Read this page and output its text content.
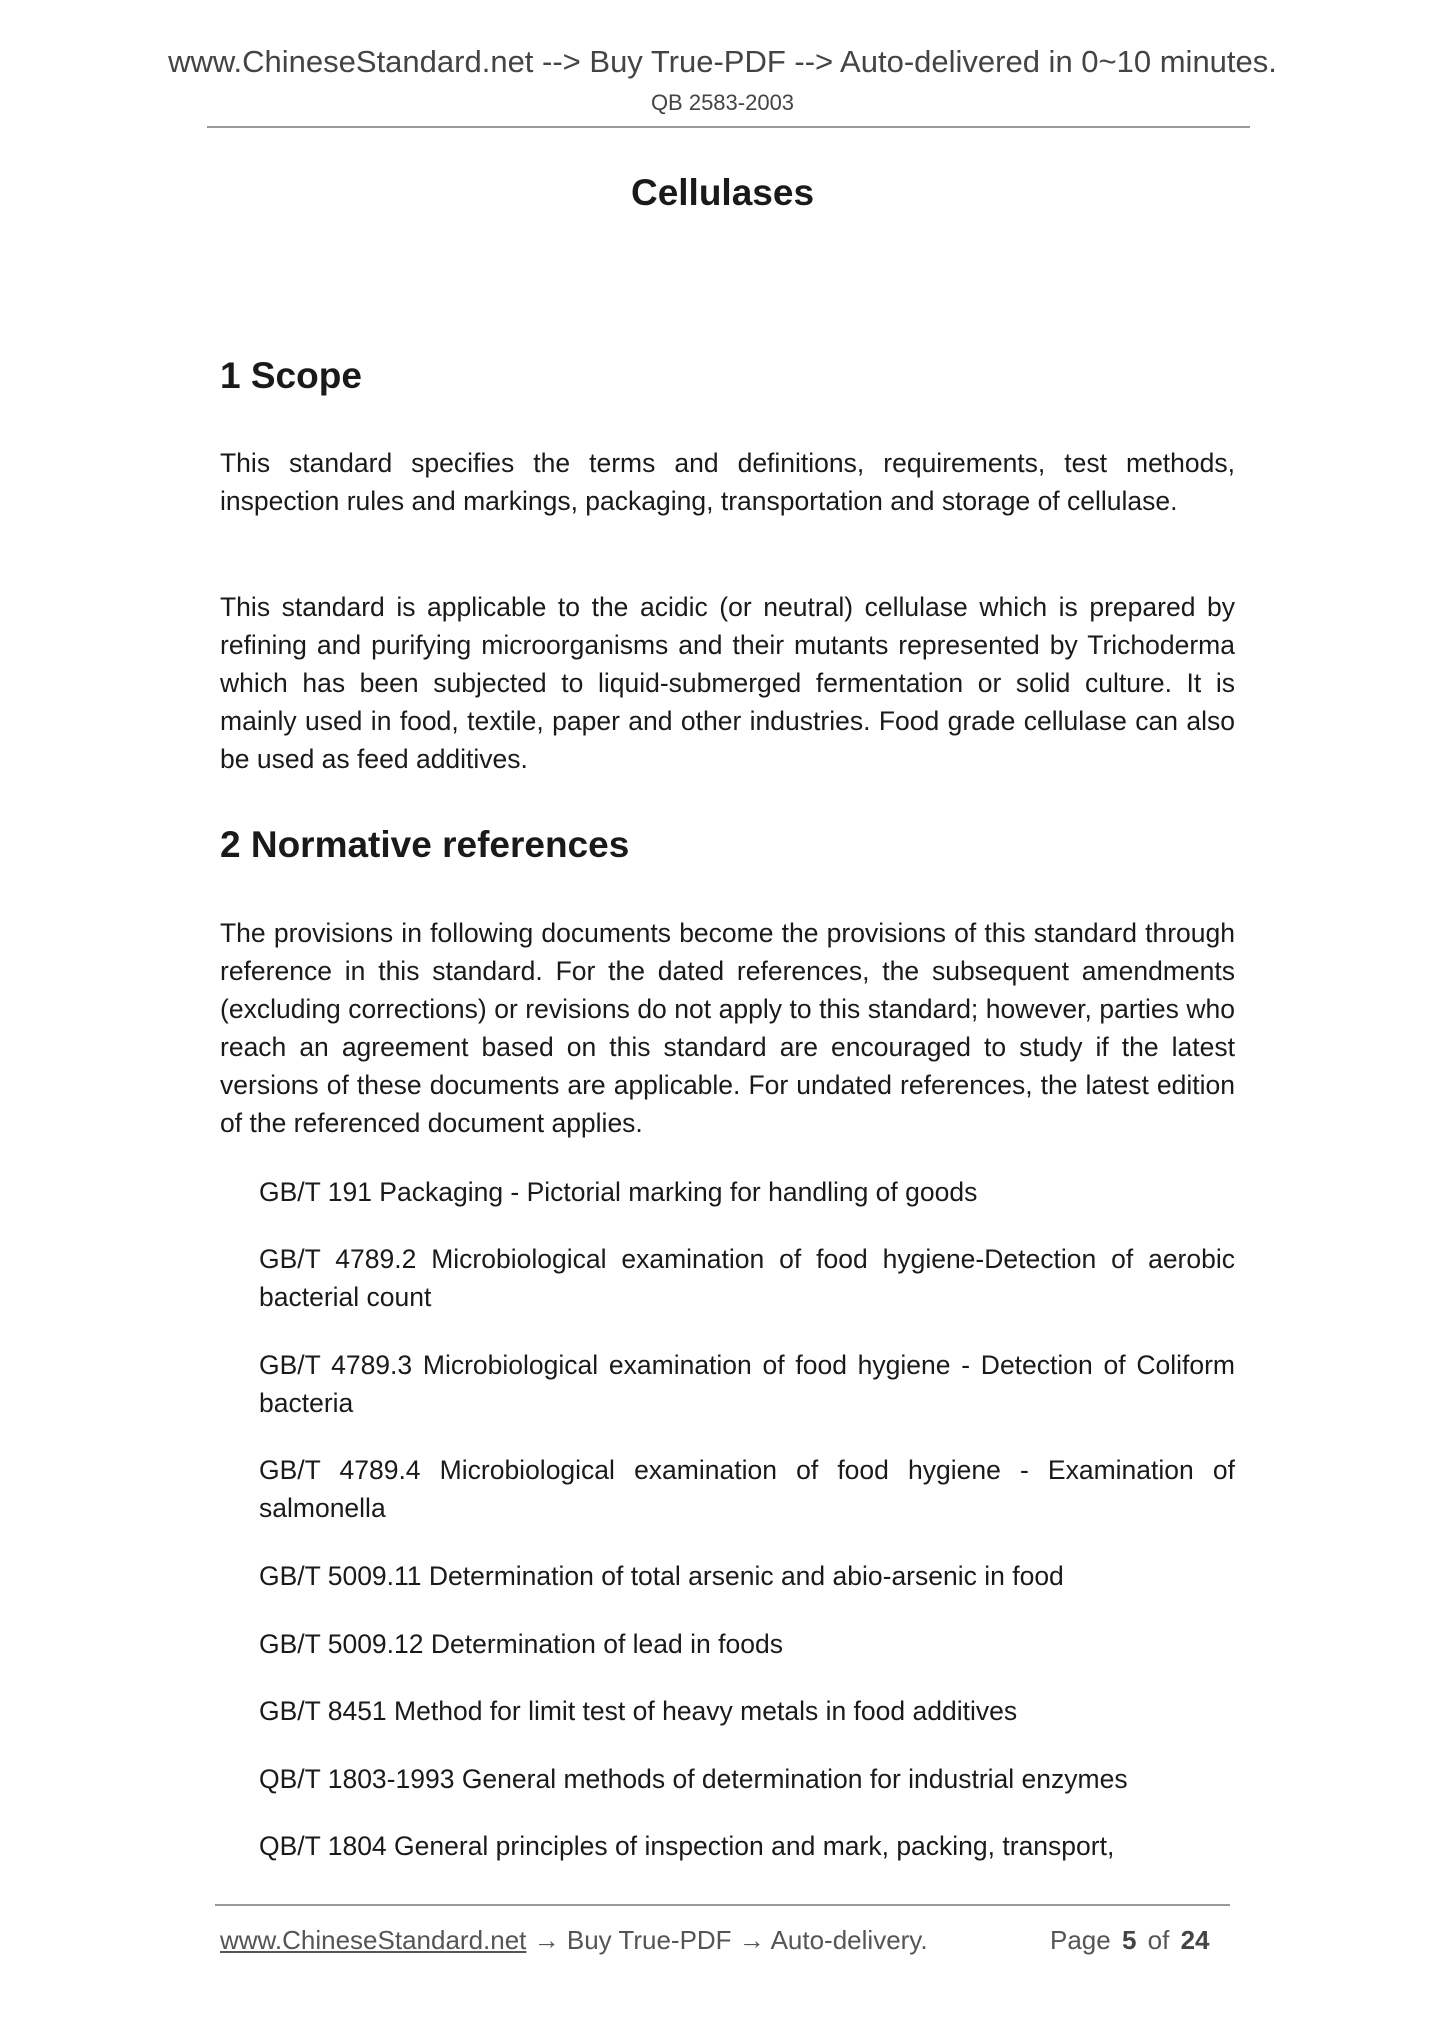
www.ChineseStandard.net --> Buy True-PDF --> Auto-delivered in 0~10 minutes.
QB 2583-2003
Cellulases
1 Scope
This standard specifies the terms and definitions, requirements, test methods, inspection rules and markings, packaging, transportation and storage of cellulase.
This standard is applicable to the acidic (or neutral) cellulase which is prepared by refining and purifying microorganisms and their mutants represented by Trichoderma which has been subjected to liquid-submerged fermentation or solid culture. It is mainly used in food, textile, paper and other industries. Food grade cellulase can also be used as feed additives.
2 Normative references
The provisions in following documents become the provisions of this standard through reference in this standard. For the dated references, the subsequent amendments (excluding corrections) or revisions do not apply to this standard; however, parties who reach an agreement based on this standard are encouraged to study if the latest versions of these documents are applicable. For undated references, the latest edition of the referenced document applies.
GB/T 191 Packaging - Pictorial marking for handling of goods
GB/T 4789.2 Microbiological examination of food hygiene-Detection of aerobic bacterial count
GB/T 4789.3 Microbiological examination of food hygiene - Detection of Coliform bacteria
GB/T 4789.4 Microbiological examination of food hygiene - Examination of salmonella
GB/T 5009.11 Determination of total arsenic and abio-arsenic in food
GB/T 5009.12 Determination of lead in foods
GB/T 8451 Method for limit test of heavy metals in food additives
QB/T 1803-1993 General methods of determination for industrial enzymes
QB/T 1804 General principles of inspection and mark, packing, transport,
www.ChineseStandard.net → Buy True-PDF → Auto-delivery.	Page 5 of 24
